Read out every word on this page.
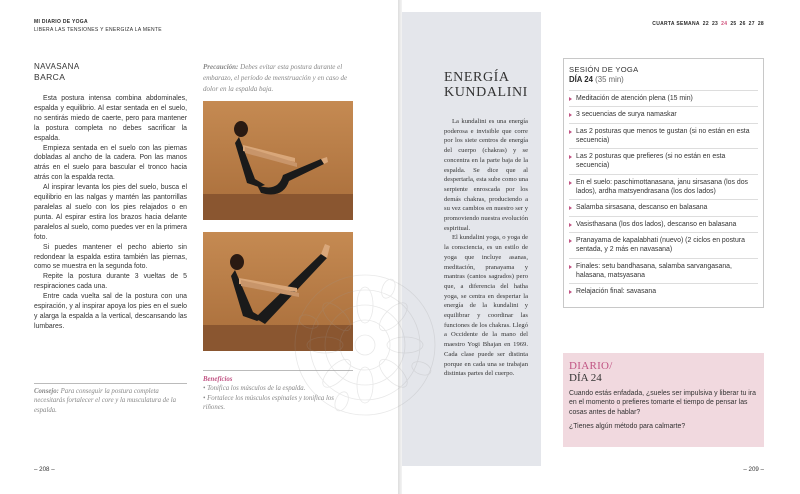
MI DIARIO DE YOGA
LIBERA LAS TENSIONES Y ENERGIZA LA MENTE
NAVASANA
BARCA

Esta postura intensa combina abdominales, espalda y equilibrio. Al estar sentada en el suelo, no sentirás miedo de caerte, pero para mantener la postura completa no debes sacrificar la espalda.

Empieza sentada en el suelo con las piernas dobladas al ancho de la cadera. Pon las manos atrás en el suelo para bascular el tronco hacia atrás con la espalda recta.

Al inspirar levanta los pies del suelo, busca el equilibrio en las nalgas y mantén las pantorrillas paralelas al suelo con los pies relajados o en punta. Al espirar estira los brazos hacia delante paralelos al suelo, como puedes ver en la primera foto.

Si puedes mantener el pecho abierto sin redondear la espalda estira también las piernas, como se muestra en la segunda foto.

Repite la postura durante 3 vueltas de 5 respiraciones cada una.

Entre cada vuelta sal de la postura con una espiración, y al inspirar apoya los pies en el suelo y alarga la espalda a la vertical, descansando las lumbares.

Consejo: Para conseguir la postura completa necesitarás fortalecer el core y la musculatura de la espalda.
Precaución: Debes evitar esta postura durante el embarazo, el período de menstruación y en caso de dolor en la espalda baja.
Beneficios
• Tonifica los músculos de la espalda.
• Fortalece los músculos espinales y tonifica los riñones.
– 208 –
ENERGÍA
KUNDALINI

La kundalini es una energía poderosa e invisible que corre por los siete centros de energía del cuerpo (chakras) y se concentra en la parte baja de la espalda. Se dice que al despertarla, esta sube como una serpiente enroscada por los demás chakras, produciendo a su vez cambios en nuestro ser y promoviendo nuestra evolución espiritual.

El kundalini yoga, o yoga de la consciencia, es un estilo de yoga que incluye asanas, meditación, pranayama y mantras (cantos sagrados) pero que, a diferencia del hatha yoga, se centra en despertar la energía de la kundalini y equilibrar y coordinar las funciones de los chakras. Llegó a Occidente de la mano del maestro Yogi Bhajan en 1969. Cada clase puede ser distinta porque en cada una se trabajan distintas partes del cuerpo.

CUARTA SEMANA 22 23 24 25 26 27 28
– 209 –
SESIÓN DE YOGA
DÍA 24 (35 min)
Meditación de atención plena (15 min)
3 secuencias de surya namaskar
Las 2 posturas que menos te gustan (si no están en esta secuencia)
Las 2 posturas que prefieres (si no están en esta secuencia)
En el suelo: paschimottanasana, janu sirsasana (los dos lados), ardha matsyendrasana (los dos lados)
Salamba sirsasana, descanso en balasana
Vasisthasana (los dos lados), descanso en balasana
Pranayama de kapalabhati (nuevo) (2 ciclos en postura sentada, y 2 más en navasana)
Finales: setu bandhasana, salamba sarvangasana, halasana, matsyasana
Relajación final: savasana
DIARIO/
DÍA 24

Cuando estás enfadada, ¿sueles ser impulsiva y liberar tu ira en el momento o prefieres tomarte el tiempo de pensar las cosas antes de hablar?

¿Tienes algún método para calmarte?
